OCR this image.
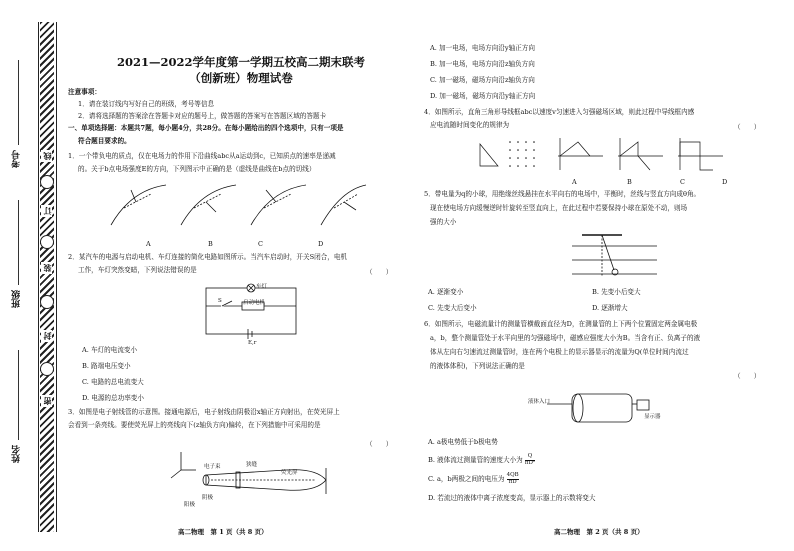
考号
班级
姓名
线
订
装
封
密
2021—2022学年度第一学期五校高二期末联考
（创新班）物理试卷
注意事项：
1．请在装订线内写好自己的班级，考号等信息
2．请将选择题的答案涂在答题卡对应的题号上，做答题的答案写在答题区域的答题卡
一、单项选择题：本题共7题，每小题4分，共28分。在每小题给出的四个选项中，只有一项是
符合题目要求的。
1．一个带负电的质点，仅在电场力的作用下沿曲线abc从a运动到c，已知质点的速率是递减
的。关于b点电场强度E的方向，下列图示中正确的是（虚线是曲线在b点的切线）
A	B	C	D
2．某汽车的电源与启动电机、车灯连接的简化电路如图所示。当汽车启动时，开关S闭合，电机
工作，车灯突然变暗，下列说法错误的是	（　　）
车灯
启动电机
S
E,r
A. 车灯的电流变小
B. 路端电压变小
C. 电路的总电流变大
D. 电源的总功率变小
3．如图是电子射线管的示意图。接通电源后，电子射线由阴极沿x轴正方向射出，在荧光屏上
会看到一条亮线。要使荧光屏上的亮线向下(z轴负方向)偏转，在下列措施中可采用的是
（　　）
电子束	狭缝
荧光屏
阴极
阳极
高二物理　第 1 页（共 8 页）
A. 加一电场，电场方向沿y轴正方向
B. 加一电场，电场方向沿z轴负方向
C. 加一磁场，磁场方向沿z轴负方向
D. 加一磁场，磁场方向沿y轴正方向
4．如图所示，直角三角形导线框abc以速度v匀速进入匀强磁场区域，则此过程中导线框内感
应电流随时间变化的规律为	（　　）
A	B	C	D
5．带电量为q的小球，用绝缘丝线悬挂在水平向右的电场中，平衡时，丝线与竖直方向成θ角。
现在使电场方向缓慢逆时针旋转至竖直向上，在此过程中若要保持小球在原处不动，则场
强的大小
A. 逐渐变小	B. 先变小后变大
C. 先变大后变小	D. 逐渐增大
6．如图所示，电磁流量计的测量管横截面直径为D，在测量管的上下两个位置固定两金属电极
a，b，整个测量管处于水平向里的匀强磁场中，磁感应强度大小为B。当含有正、负离子的液
体从左向右匀速流过测量管时，连在两个电极上的显示器显示的流量为Q(单位时间内流过
的液体体积)，下列说法正确的是
（　　）
液体入口
显示器
A. a极电势低于b极电势
B. 液体流过测量管的速度大小为 $\frac{Q}{\text{πD²}}$
C. a，b两极之间的电压为 $\frac{4QB}{\pi D}$
D. 若流过的液体中离子浓度变高，显示器上的示数将变大
高二物理　第 2 页（共 8 页）
